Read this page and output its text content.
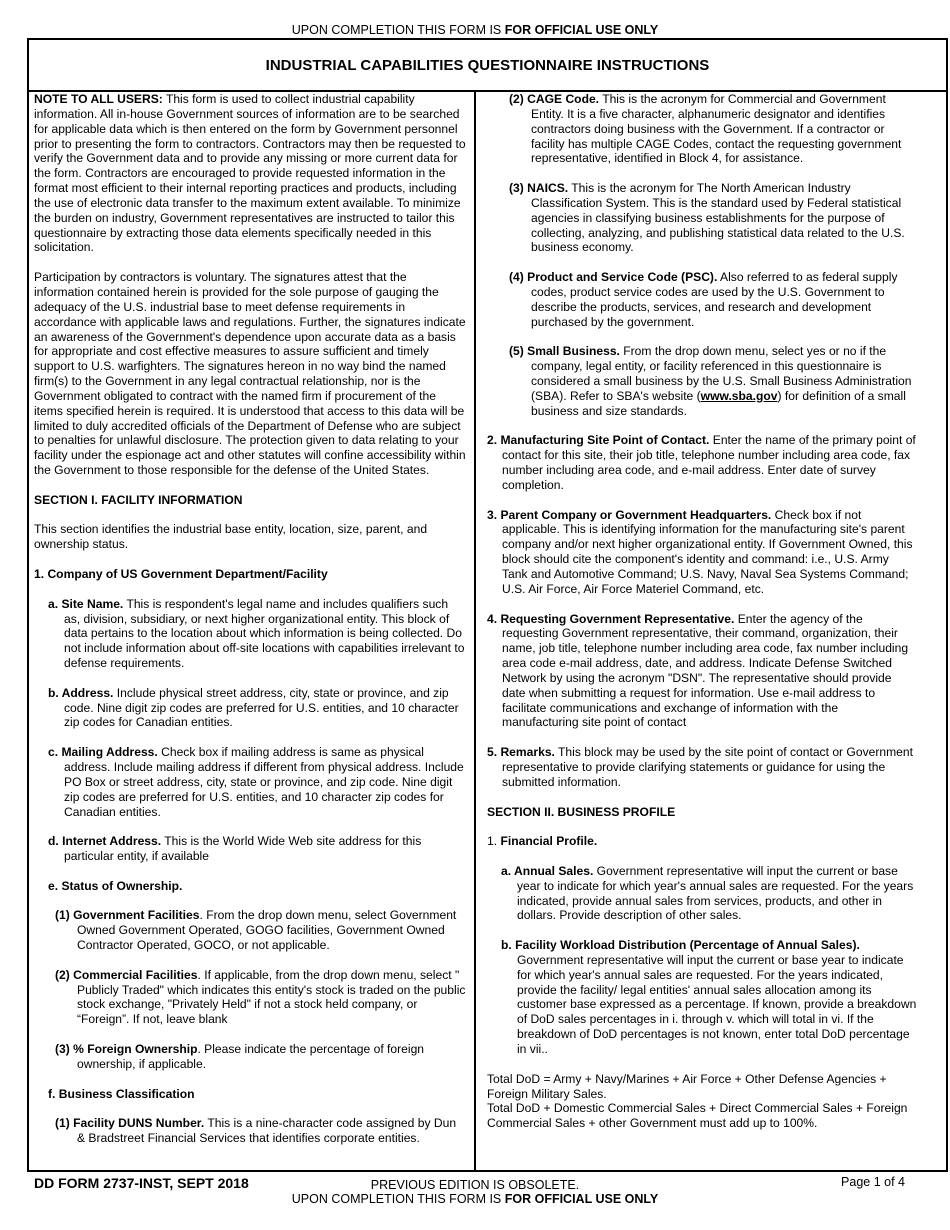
UPON COMPLETION THIS FORM IS FOR OFFICIAL USE ONLY
INDUSTRIAL CAPABILITIES QUESTIONNAIRE INSTRUCTIONS

NOTE TO ALL USERS: This form is used to collect industrial capability information. All in-house Government sources of information are to be searched for applicable data which is then entered on the form by Government personnel prior to presenting the form to contractors. Contractors may then be requested to verify the Government data and to provide any missing or more current data for the form. Contractors are encouraged to provide requested information in the format most efficient to their internal reporting practices and products, including the use of electronic data transfer to the maximum extent available. To minimize the burden on industry, Government representatives are instructed to tailor this questionnaire by extracting those data elements specifically needed in this solicitation.

Participation by contractors is voluntary. The signatures attest that the information contained herein is provided for the sole purpose of gauging the adequacy of the U.S. industrial base to meet defense requirements in accordance with applicable laws and regulations. Further, the signatures indicate an awareness of the Government's dependence upon accurate data as a basis for appropriate and cost effective measures to assure sufficient and timely support to U.S. warfighters. The signatures hereon in no way bind the named firm(s) to the Government in any legal contractual relationship, nor is the Government obligated to contract with the named firm if procurement of the items specified herein is required. It is understood that access to this data will be limited to duly accredited officials of the Department of Defense who are subject to penalties for unlawful disclosure. The protection given to data relating to your facility under the espionage act and other statutes will confine accessibility within the Government to those responsible for the defense of the United States.

SECTION I. FACILITY INFORMATION

This section identifies the industrial base entity, location, size, parent, and ownership status.

1. Company of US Government Department/Facility

a. Site Name. This is respondent's legal name and includes qualifiers such as, division, subsidiary, or next higher organizational entity. This block of data pertains to the location about which information is being collected. Do not include information about off-site locations with capabilities irrelevant to defense requirements.

b. Address. Include physical street address, city, state or province, and zip code. Nine digit zip codes are preferred for U.S. entities, and 10 character zip codes for Canadian entities.

c. Mailing Address. Check box if mailing address is same as physical address. Include mailing address if different from physical address. Include PO Box or street address, city, state or province, and zip code. Nine digit zip codes are preferred for U.S. entities, and 10 character zip codes for Canadian entities.

d. Internet Address. This is the World Wide Web site address for this particular entity, if available

e. Status of Ownership.

(1) Government Facilities. From the drop down menu, select Government Owned Government Operated, GOGO facilities, Government Owned Contractor Operated, GOCO, or not applicable.

(2) Commercial Facilities. If applicable, from the drop down menu, select " Publicly Traded" which indicates this entity's stock is traded on the public stock exchange, "Privately Held" if not a stock held company, or “Foreign”. If not, leave blank

(3) % Foreign Ownership. Please indicate the percentage of foreign ownership, if applicable.

f. Business Classification

(1) Facility DUNS Number. This is a nine-character code assigned by Dun & Bradstreet Financial Services that identifies corporate entities.

(2) CAGE Code. This is the acronym for Commercial and Government Entity. It is a five character, alphanumeric designator and identifies contractors doing business with the Government. If a contractor or facility has multiple CAGE Codes, contact the requesting government representative, identified in Block 4, for assistance.

(3) NAICS. This is the acronym for The North American Industry Classification System. This is the standard used by Federal statistical agencies in classifying business establishments for the purpose of collecting, analyzing, and publishing statistical data related to the U.S. business economy.

(4) Product and Service Code (PSC). Also referred to as federal supply codes, product service codes are used by the U.S. Government to describe the products, services, and research and development purchased by the government.

(5) Small Business. From the drop down menu, select yes or no if the company, legal entity, or facility referenced in this questionnaire is considered a small business by the U.S. Small Business Administration (SBA). Refer to SBA's website (www.sba.gov) for definition of a small business and size standards.

2. Manufacturing Site Point of Contact. Enter the name of the primary point of contact for this site, their job title, telephone number including area code, fax number including area code, and e-mail address. Enter date of survey completion.

3. Parent Company or Government Headquarters. Check box if not applicable. This is identifying information for the manufacturing site's parent company and/or next higher organizational entity. If Government Owned, this block should cite the component's identity and command: i.e., U.S. Army Tank and Automotive Command; U.S. Navy, Naval Sea Systems Command; U.S. Air Force, Air Force Materiel Command, etc.

4. Requesting Government Representative. Enter the agency of the requesting Government representative, their command, organization, their name, job title, telephone number including area code, fax number including area code e-mail address, date, and address. Indicate Defense Switched Network by using the acronym "DSN". The representative should provide date when submitting a request for information. Use e-mail address to facilitate communications and exchange of information with the manufacturing site point of contact

5. Remarks. This block may be used by the site point of contact or Government representative to provide clarifying statements or guidance for using the submitted information.

SECTION II. BUSINESS PROFILE

1. Financial Profile.

a. Annual Sales. Government representative will input the current or base year to indicate for which year's annual sales are requested. For the years indicated, provide annual sales from services, products, and other in dollars. Provide description of other sales.

b. Facility Workload Distribution (Percentage of Annual Sales). Government representative will input the current or base year to indicate for which year's annual sales are requested. For the years indicated, provide the facility/ legal entities' annual sales allocation among its customer base expressed as a percentage. If known, provide a breakdown of DoD sales percentages in i. through v. which will total in vi. If the breakdown of DoD percentages is not known, enter total DoD percentage in vii..

Total DoD = Army + Navy/Marines + Air Force + Other Defense Agencies + Foreign Military Sales.

Total DoD + Domestic Commercial Sales + Direct Commercial Sales + Foreign Commercial Sales + other Government must add up to 100%.

DD FORM 2737-INST, SEPT 2018	PREVIOUS EDITION IS OBSOLETE.	Page 1 of 4
UPON COMPLETION THIS FORM IS FOR OFFICIAL USE ONLY
